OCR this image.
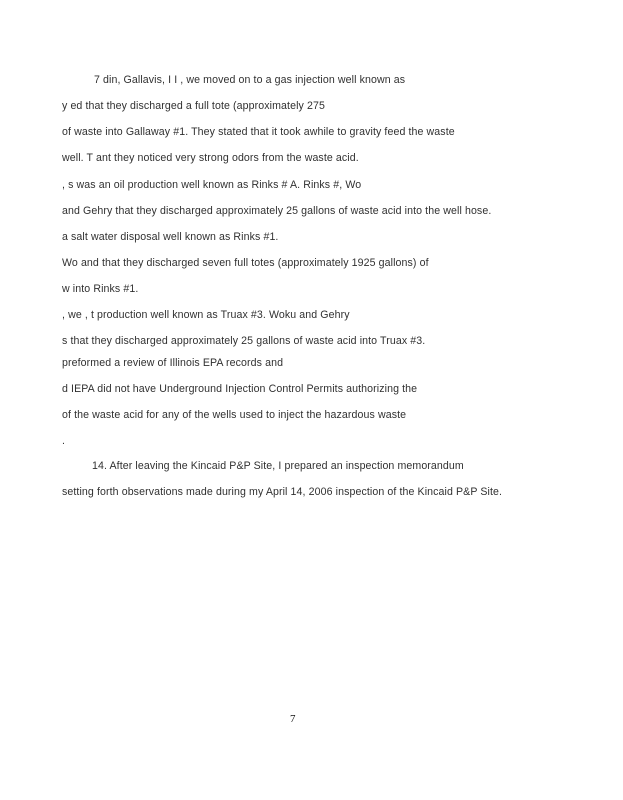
7 din, Gallavis, I I , we moved on to a gas injection well known as
y ed that they discharged a full tote (approximately 275
of waste into Gallaway #1. They stated that it took awhile to gravity feed the waste
well. T ant they noticed very strong odors from the waste acid.
, s was an oil production well known as Rinks # A. Rinks #, Wo
and Gehry that they discharged approximately 25 gallons of waste acid into the well hose.
a salt water disposal well known as Rinks #1.
Wo and that they discharged seven full totes (approximately 1925 gallons) of
w into Rinks #1.
, we , t production well known as Truax #3. Woku and Gehry
s that they discharged approximately 25 gallons of waste acid into Truax #3.
preformed a review of Illinois EPA records and
d IEPA did not have Underground Injection Control Permits authorizing the
of the waste acid for any of the wells used to inject the hazardous waste
.
14. After leaving the Kincaid P&P Site, I prepared an inspection memorandum
setting forth observations made during my April 14, 2006 inspection of the Kincaid P&P Site.
7
